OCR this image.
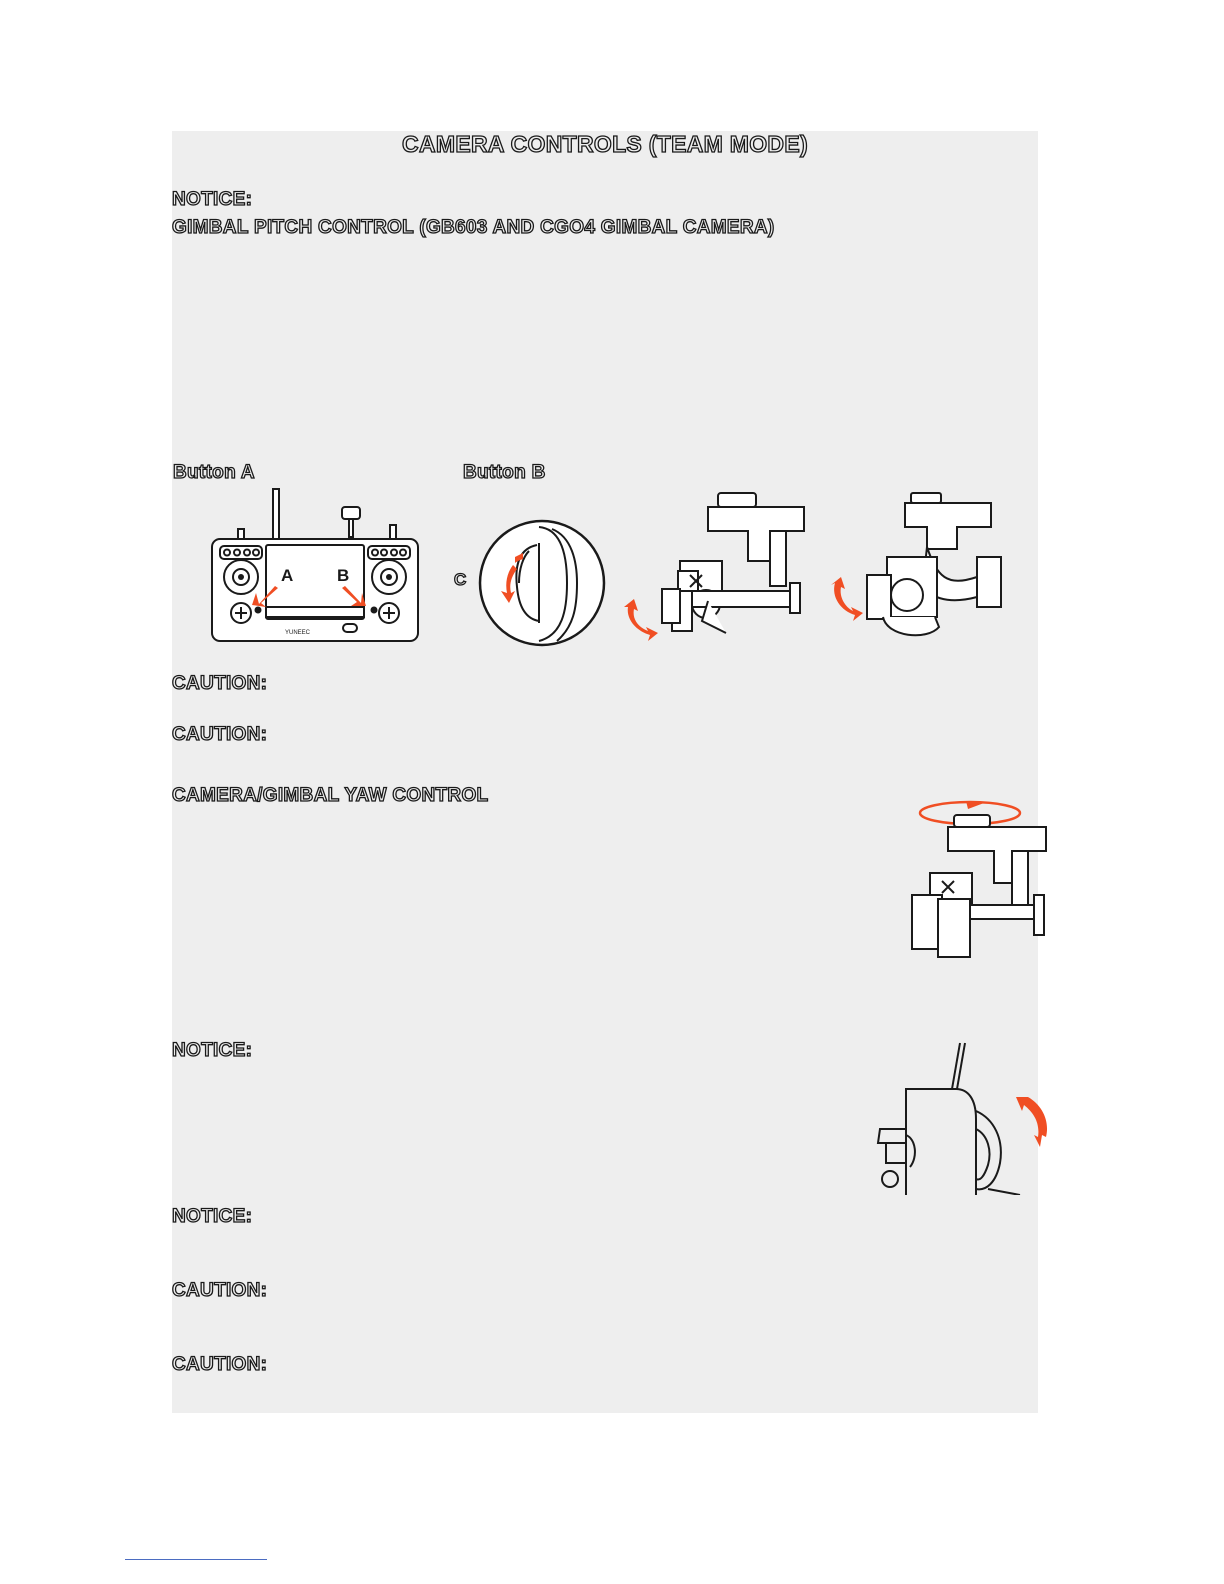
CAMERA CONTROLS (TEAM MODE)
NOTICE:
GIMBAL PITCH CONTROL (GB603 AND CGO4 GIMBAL CAMERA)
Button A	Button B
YUNEEC
A	B	C
CAUTION:
CAUTION:
CAMERA/GIMBAL YAW CONTROL
NOTICE:
NOTICE:
CAUTION:
CAUTION:
